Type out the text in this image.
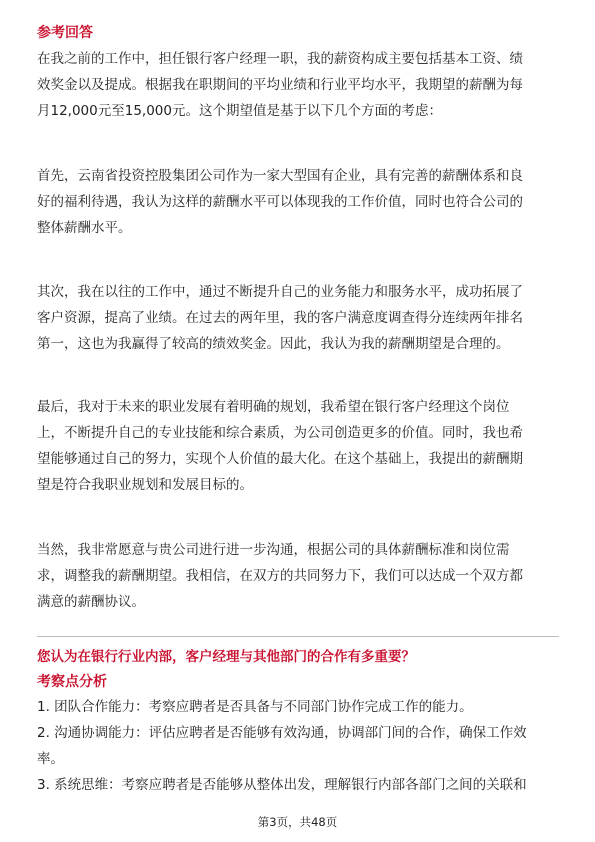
参考回答
在我之前的工作中，担任银行客户经理一职，我的薪资构成主要包括基本工资、绩
效奖金以及提成。根据我在职期间的平均业绩和行业平均水平，我期望的薪酬为每
月12,000元至15,000元。这个期望值是基于以下几个方面的考虑：
首先，云南省投资控股集团公司作为一家大型国有企业，具有完善的薪酬体系和良
好的福利待遇，我认为这样的薪酬水平可以体现我的工作价值，同时也符合公司的
整体薪酬水平。
其次，我在以往的工作中，通过不断提升自己的业务能力和服务水平，成功拓展了
客户资源，提高了业绩。在过去的两年里，我的客户满意度调查得分连续两年排名
第一，这也为我赢得了较高的绩效奖金。因此，我认为我的薪酬期望是合理的。
最后，我对于未来的职业发展有着明确的规划，我希望在银行客户经理这个岗位
上，不断提升自己的专业技能和综合素质，为公司创造更多的价值。同时，我也希
望能够通过自己的努力，实现个人价值的最大化。在这个基础上，我提出的薪酬期
望是符合我职业规划和发展目标的。
当然，我非常愿意与贵公司进行进一步沟通，根据公司的具体薪酬标准和岗位需
求，调整我的薪酬期望。我相信，在双方的共同努力下，我们可以达成一个双方都
满意的薪酬协议。
您认为在银行行业内部，客户经理与其他部门的合作有多重要？
考察点分析
1. 团队合作能力：考察应聘者是否具备与不同部门协作完成工作的能力。
2. 沟通协调能力：评估应聘者是否能够有效沟通，协调部门间的合作，确保工作效
率。
3. 系统思维：考察应聘者是否能够从整体出发，理解银行内部各部门之间的关联和
第3页，共48页
